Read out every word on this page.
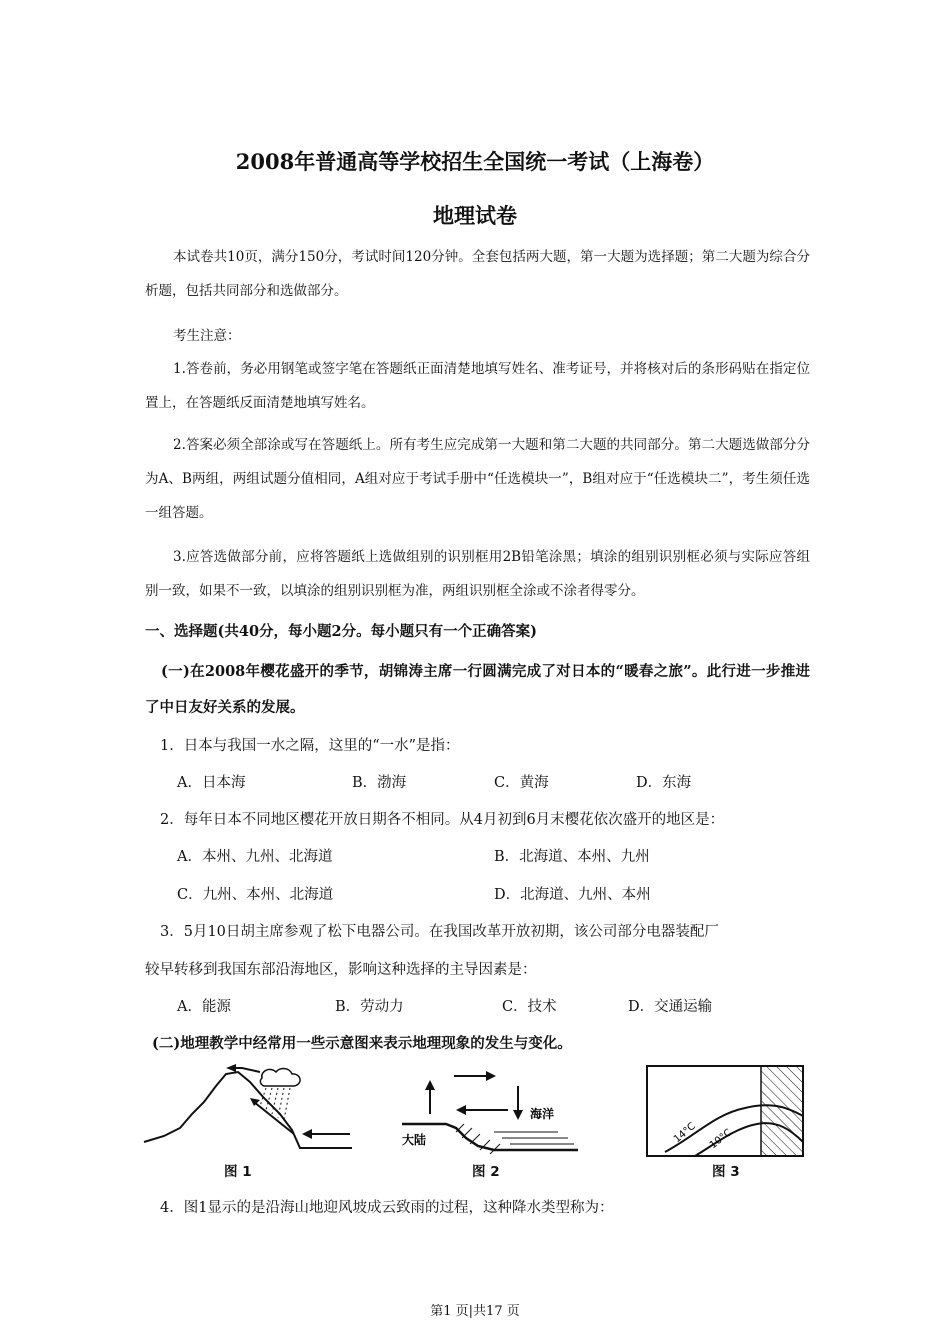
2008年普通高等学校招生全国统一考试（上海卷）
地理试卷

本试卷共10页，满分150分，考试时间120分钟。全套包括两大题，第一大题为选择题；第二大题为综合分析题，包括共同部分和选做部分。

考生注意：

1.答卷前，务必用钢笔或签字笔在答题纸正面清楚地填写姓名、准考证号，并将核对后的条形码贴在指定位置上，在答题纸反面清楚地填写姓名。

2.答案必须全部涂或写在答题纸上。所有考生应完成第一大题和第二大题的共同部分。第二大题选做部分分为A、B两组，两组试题分值相同，A组对应于考试手册中“任选模块一”，B组对应于“任选模块二”，考生须任选一组答题。

3.应答选做部分前，应将答题纸上选做组别的识别框用2B铅笔涂黑；填涂的组别识别框必须与实际应答组别一致，如果不一致，以填涂的组别识别框为准，两组识别框全涂或不涂者得零分。

一、选择题(共40分，每小题2分。每小题只有一个正确答案)

(一)在2008年樱花盛开的季节，胡锦涛主席一行圆满完成了对日本的“暖春之旅”。此行进一步推进了中日友好关系的发展。

1．日本与我国一水之隔，这里的“一水”是指：
A．日本海	B．渤海	C．黄海	D．东海
2．每年日本不同地区樱花开放日期各不相同。从4月初到6月末樱花依次盛开的地区是：
A．本州、九州、北海道	B．北海道、本州、九州
C．九州、本州、北海道	D．北海道、九州、本州
3．5月10日胡主席参观了松下电器公司。在我国改革开放初期，该公司部分电器装配厂
较早转移到我国东部沿海地区，影响这种选择的主导因素是：
A．能源	B．劳动力	C．技术	D．交通运输
(二)地理教学中经常用一些示意图来表示地理现象的发生与变化。
图 1
海洋
大陆
图 2
14°C 10°C
图 3
4．图1显示的是沿海山地迎风坡成云致雨的过程，这种降水类型称为：
第1 页|共17 页
